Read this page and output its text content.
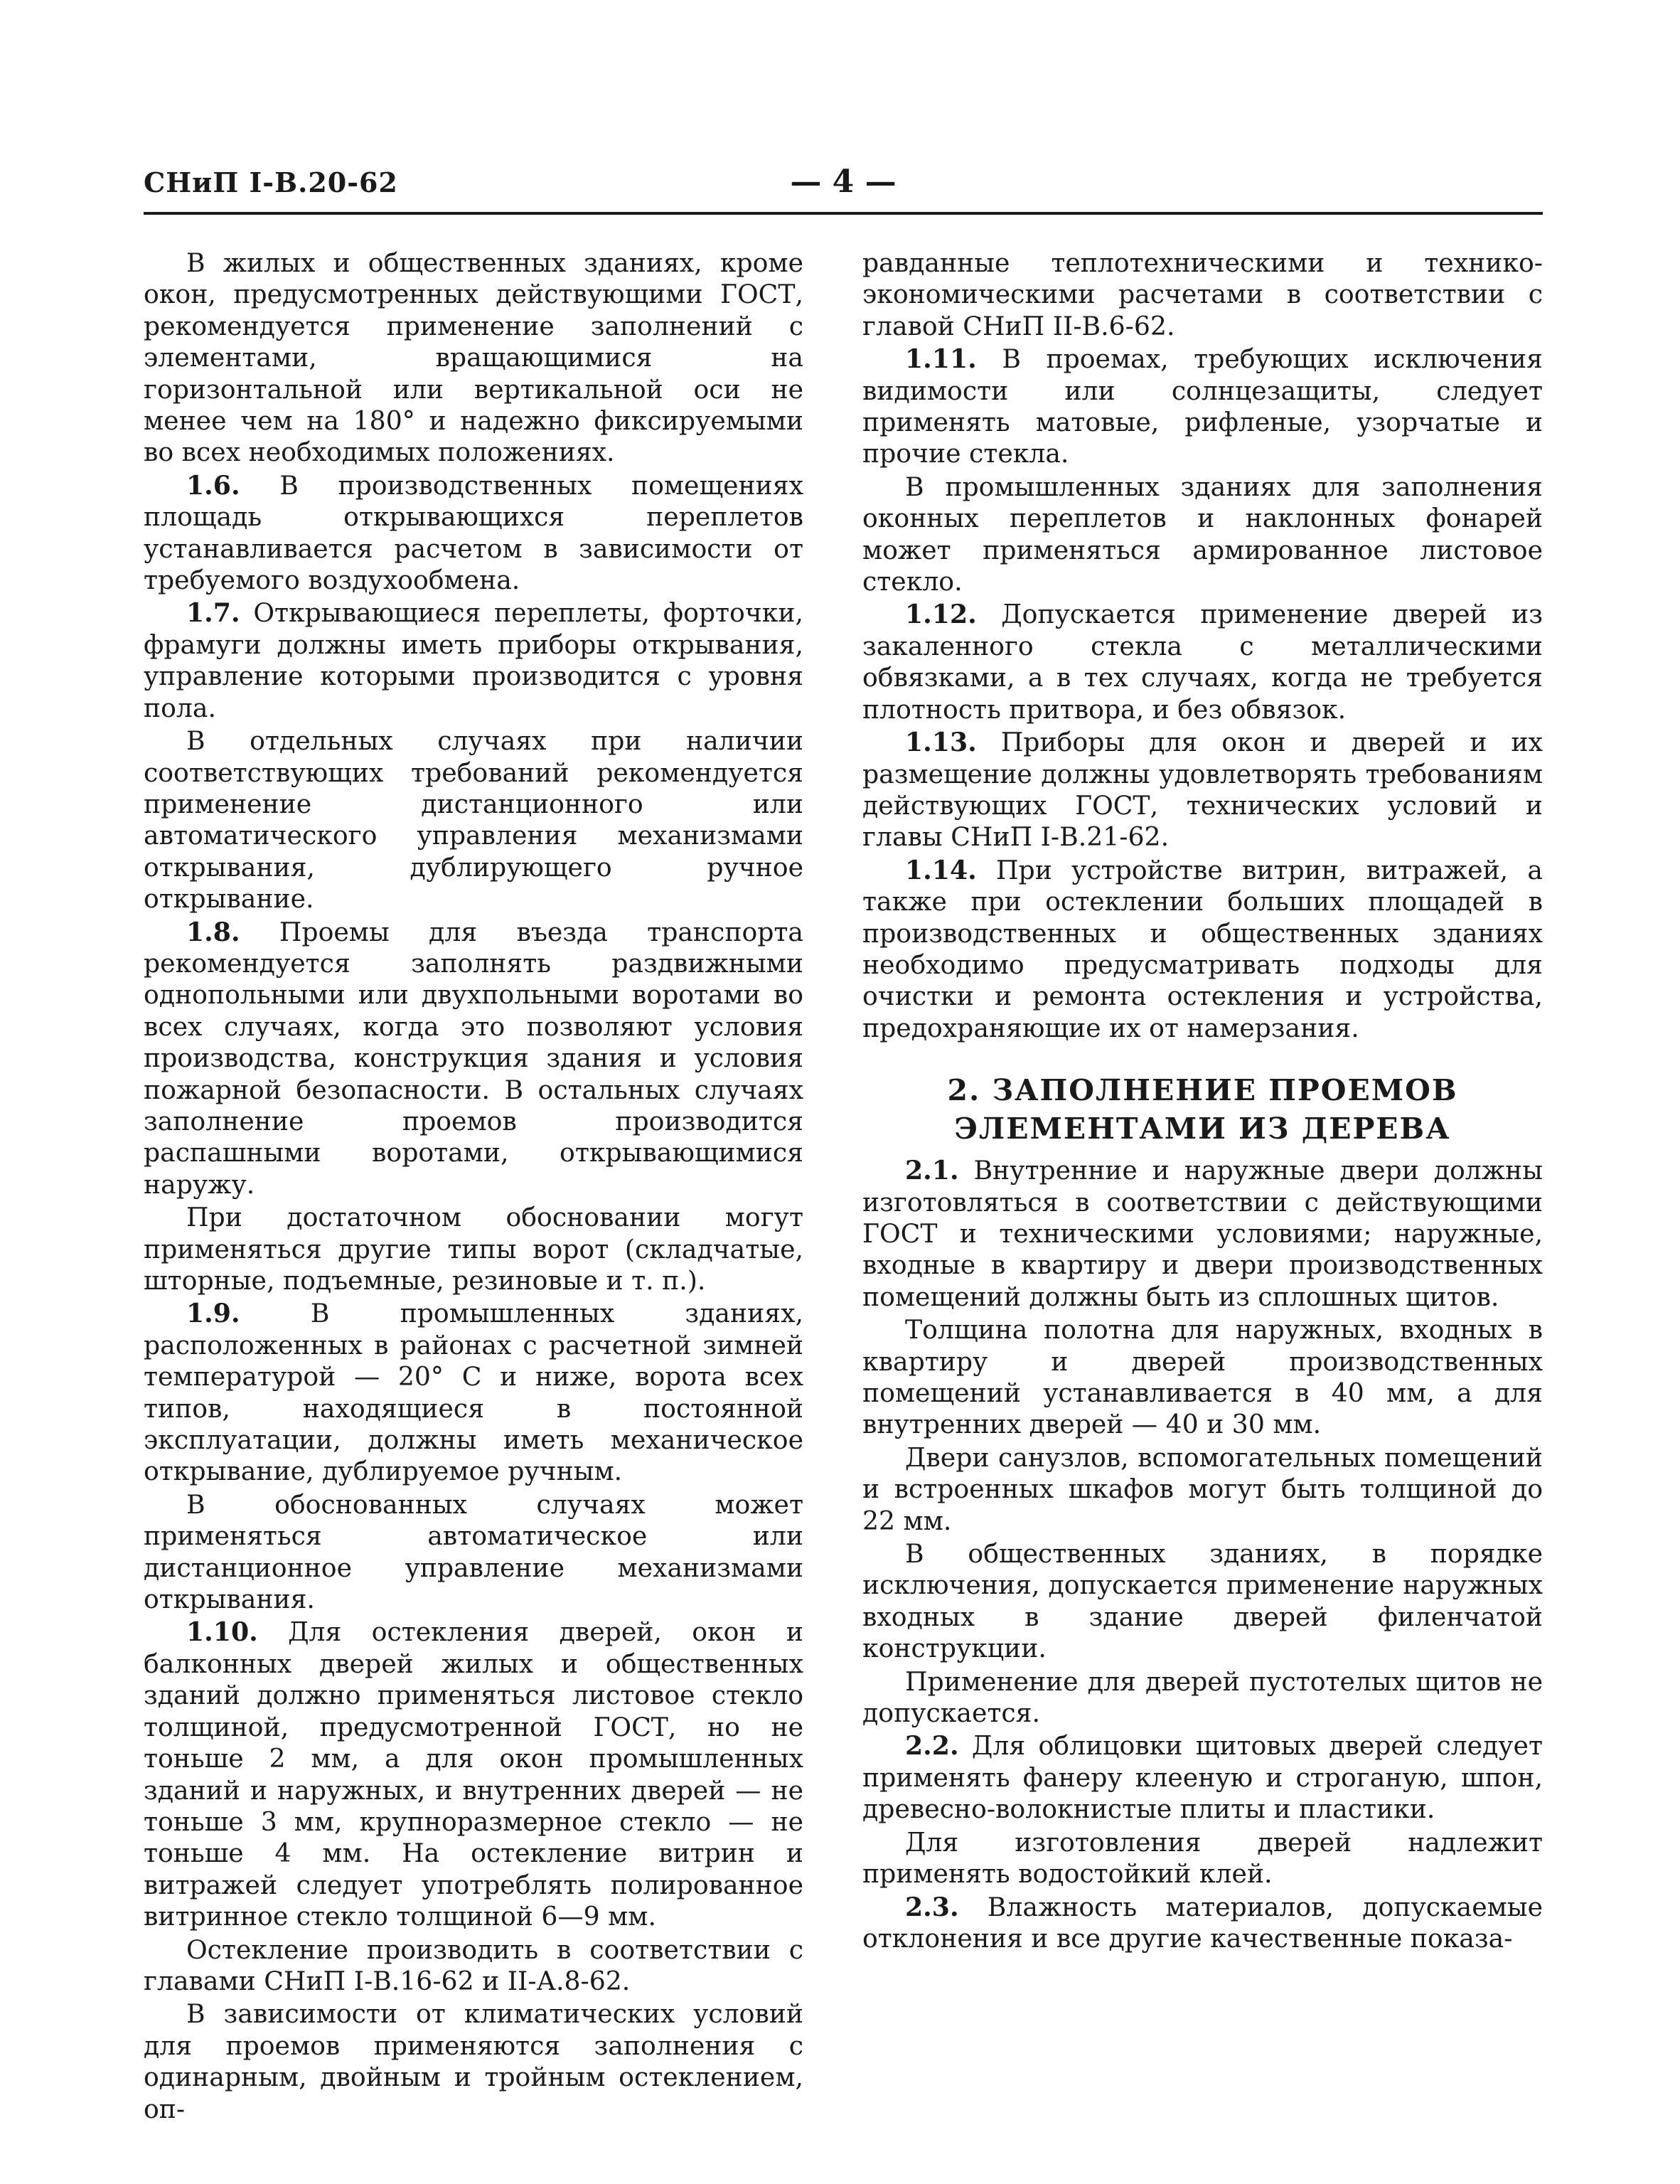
СНиП I-В.20-62	— 4 —

В жилых и общественных зданиях, кроме окон, предусмотренных действующими ГОСТ, рекомендуется применение заполнений с элементами, вращающимися на горизонтальной или вертикальной оси не менее чем на 180° и надежно фиксируемыми во всех необходимых положениях.

1.6. В производственных помещениях площадь открывающихся переплетов устанавливается расчетом в зависимости от требуемого воздухообмена.

1.7. Открывающиеся переплеты, форточки, фрамуги должны иметь приборы открывания, управление которыми производится с уровня пола.

В отдельных случаях при наличии соответствующих требований рекомендуется применение дистанционного или автоматического управления механизмами открывания, дублирующего ручное открывание.

1.8. Проемы для въезда транспорта рекомендуется заполнять раздвижными однопольными или двухпольными воротами во всех случаях, когда это позволяют условия производства, конструкция здания и условия пожарной безопасности. В остальных случаях заполнение проемов производится распашными воротами, открывающимися наружу.

При достаточном обосновании могут применяться другие типы ворот (складчатые, шторные, подъемные, резиновые и т. п.).

1.9.	В промышленных зданиях, расположенных в районах с расчетной зимней температурой — 20° С и ниже, ворота всех типов, находящиеся в постоянной эксплуатации, должны иметь механическое открывание, дублируемое ручным.

В обоснованных случаях может применяться автоматическое или дистанционное управление механизмами открывания.

1.10. Для остекления дверей, окон и балконных дверей жилых и общественных зданий должно применяться листовое стекло толщиной, предусмотренной ГОСТ, но не тоньше 2 мм, а для окон промышленных зданий и наружных, и внутренних дверей — не тоньше 3 мм, крупноразмерное стекло — не тоньше 4 мм. На остекление витрин и витражей следует употреблять полированное витринное стекло толщиной 6—9 мм.

Остекление производить в соответствии с главами СНиП I-В.16-62 и II-А.8-62.

В зависимости от климатических условий для проемов применяются заполнения с одинарным, двойным и тройным остеклением, оп-

равданные теплотехническими и технико-экономическими расчетами в соответствии с главой СНиП II-В.6-62.

1.11. В проемах, требующих исключения видимости или солнцезащиты, следует применять матовые, рифленые, узорчатые и прочие стекла.

В промышленных зданиях для заполнения оконных переплетов и наклонных фонарей может применяться армированное листовое стекло.

1.12. Допускается применение дверей из закаленного стекла с металлическими обвязками, а в тех случаях, когда не требуется плотность притвора, и без обвязок.

1.13. Приборы для окон и дверей и их размещение должны удовлетворять требованиям действующих ГОСТ, технических условий и главы СНиП I-В.21-62.

1.14. При устройстве витрин, витражей, а также при остеклении больших площадей в производственных и общественных зданиях необходимо предусматривать подходы для очистки и ремонта остекления и устройства, предохраняющие их от намерзания.

2. ЗАПОЛНЕНИЕ ПРОЕМОВ
ЭЛЕМЕНТАМИ ИЗ ДЕРЕВА

2.1. Внутренние и наружные двери должны изготовляться в соответствии с действующими ГОСТ и техническими условиями; наружные, входные в квартиру и двери производственных помещений должны быть из сплошных щитов.

Толщина полотна для наружных, входных в квартиру и дверей производственных помещений устанавливается в 40 мм, а для внутренних дверей — 40 и 30 мм.

Двери санузлов, вспомогательных помещений и встроенных шкафов могут быть толщиной до 22 мм.

В общественных зданиях, в порядке исключения, допускается применение наружных входных в здание дверей филенчатой конструкции.

Применение для дверей пустотелых щитов не допускается.

2.2. Для облицовки щитовых дверей следует применять фанеру клееную и строганую, шпон, древесно-волокнистые плиты и пластики.

Для изготовления дверей надлежит применять водостойкий клей.

2.3. Влажность материалов, допускаемые отклонения и все другие качественные показа-
